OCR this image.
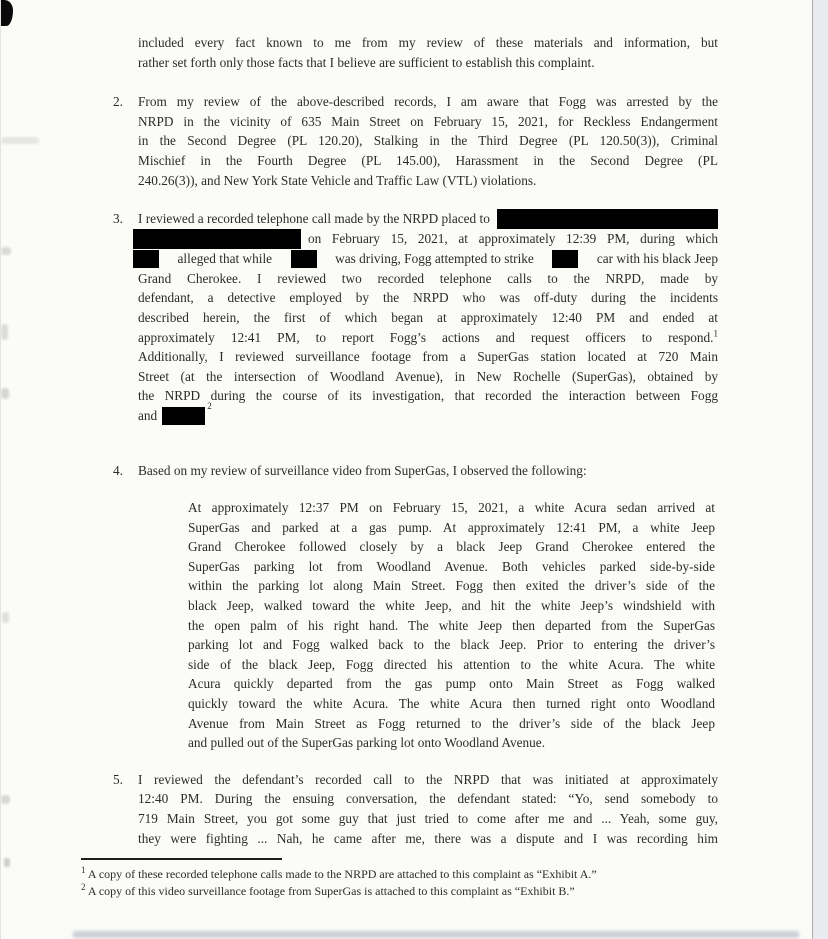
included every fact known to me from my review of these materials and information, but
rather set forth only those facts that I believe are sufficient to establish this complaint.
2.	From my review of the above-described records, I am aware that Fogg was arrested by the
NRPD in the vicinity of 635 Main Street on February 15, 2021, for Reckless Endangerment
in the Second Degree (PL 120.20), Stalking in the Third Degree (PL 120.50(3)), Criminal
Mischief in the Fourth Degree (PL 145.00), Harassment in the Second Degree (PL
240.26(3)), and New York State Vehicle and Traffic Law (VTL) violations.
3.	I reviewed a recorded telephone call made by the NRPD placed to
on February 15, 2021, at approximately 12:39 PM, during which
alleged that while	was driving, Fogg attempted to strike	car with his black Jeep
Grand Cherokee. I reviewed two recorded telephone calls to the NRPD, made by
defendant, a detective employed by the NRPD who was off-duty during the incidents
described herein, the first of which began at approximately 12:40 PM and ended at
approximately 12:41 PM, to report Fogg’s actions and request officers to respond.$^1$
Additionally, I reviewed surveillance footage from a SuperGas station located at 720 Main
Street (at the intersection of Woodland Avenue), in New Rochelle (SuperGas), obtained by
the NRPD during the course of its investigation, that recorded the interaction between Fogg
and
2
4.	Based on my review of surveillance video from SuperGas, I observed the following:
At approximately 12:37 PM on February 15, 2021, a white Acura sedan arrived at
SuperGas and parked at a gas pump. At approximately 12:41 PM, a white Jeep
Grand Cherokee followed closely by a black Jeep Grand Cherokee entered the
SuperGas parking lot from Woodland Avenue. Both vehicles parked side-by-side
within the parking lot along Main Street. Fogg then exited the driver’s side of the
black Jeep, walked toward the white Jeep, and hit the white Jeep’s windshield with
the open palm of his right hand. The white Jeep then departed from the SuperGas
parking lot and Fogg walked back to the black Jeep. Prior to entering the driver’s
side of the black Jeep, Fogg directed his attention to the white Acura. The white
Acura quickly departed from the gas pump onto Main Street as Fogg walked
quickly toward the white Acura. The white Acura then turned right onto Woodland
Avenue from Main Street as Fogg returned to the driver’s side of the black Jeep
and pulled out of the SuperGas parking lot onto Woodland Avenue.
5.	I reviewed the defendant’s recorded call to the NRPD that was initiated at approximately
12:40 PM. During the ensuing conversation, the defendant stated: “Yo, send somebody to
719 Main Street, you got some guy that just tried to come after me and ... Yeah, some guy,
they were fighting ... Nah, he came after me, there was a dispute and I was recording him
$^1$ A copy of these recorded telephone calls made to the NRPD are attached to this complaint as “Exhibit A.”
$^2$ A copy of this video surveillance footage from SuperGas is attached to this complaint as “Exhibit B.”
